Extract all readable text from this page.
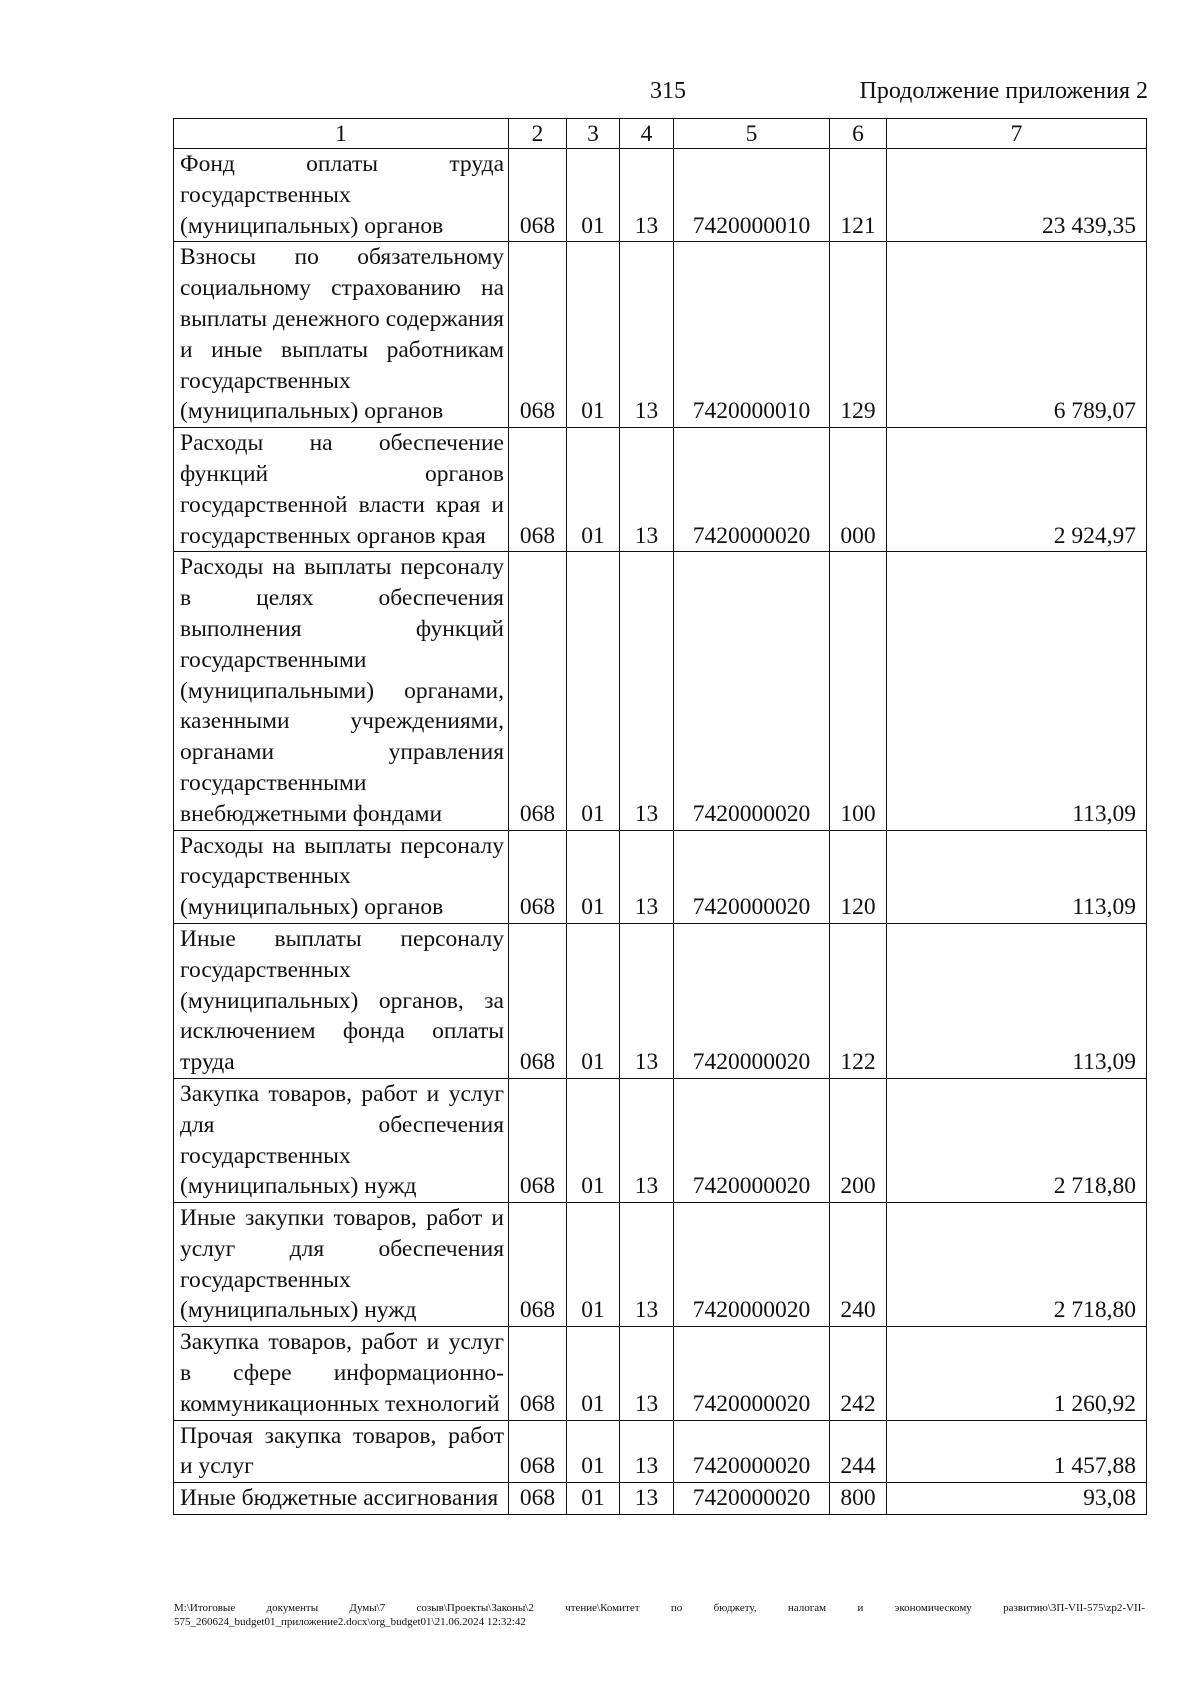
315	Продолжение приложения 2
1	2	3	4	5	6	7
Фонд оплаты труда государственных (муниципальных) органов	068	01	13	7420000010	121	23 439,35
Взносы по обязательному социальному страхованию на выплаты денежного содержания и иные выплаты работникам государственных (муниципальных) органов	068	01	13	7420000010	129	6 789,07
Расходы на обеспечение функций органов государственной власти края и государственных органов края	068	01	13	7420000020	000	2 924,97
Расходы на выплаты персоналу в целях обеспечения выполнения функций государственными (муниципальными) органами, казенными учреждениями, органами управления государственными внебюджетными фондами	068	01	13	7420000020	100	113,09
Расходы на выплаты персоналу государственных (муниципальных) органов	068	01	13	7420000020	120	113,09
Иные выплаты персоналу государственных (муниципальных) органов, за исключением фонда оплаты труда	068	01	13	7420000020	122	113,09
Закупка товаров, работ и услуг для обеспечения государственных (муниципальных) нужд	068	01	13	7420000020	200	2 718,80
Иные закупки товаров, работ и услуг для обеспечения государственных (муниципальных) нужд	068	01	13	7420000020	240	2 718,80
Закупка товаров, работ и услуг в сфере информационно-коммуникационных технологий	068	01	13	7420000020	242	1 260,92
Прочая закупка товаров, работ и услуг	068	01	13	7420000020	244	1 457,88
Иные бюджетные ассигнования	068	01	13	7420000020	800	93,08
M:\Итоговые документы Думы\7 созыв\Проекты\Законы\2 чтение\Комитет по бюджету, налогам и экономическому развитию\3П-VII-575\zp2-VII-575_260624_budget01_приложение2.docx\org_budget01\21.06.2024 12:32:42
